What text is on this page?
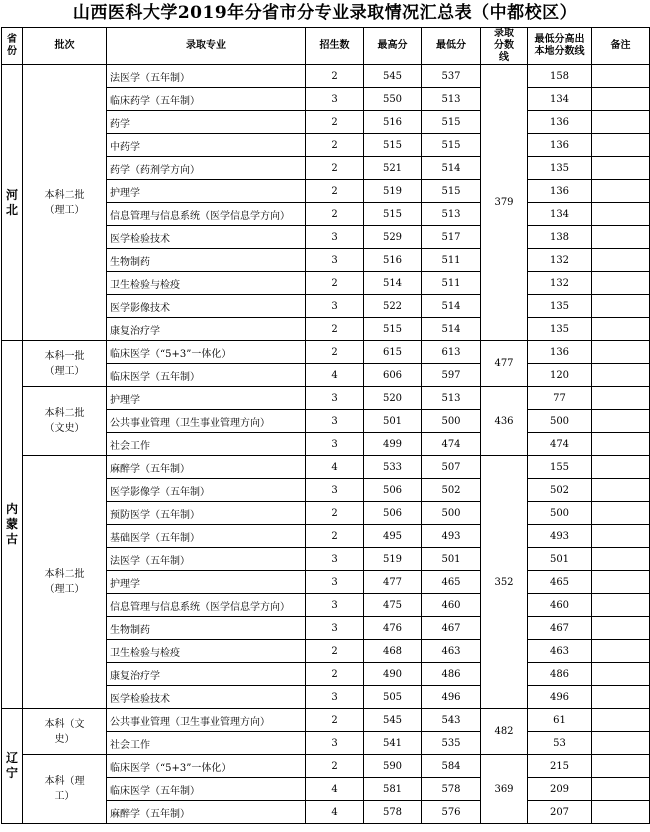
山西医科大学2019年分省市分专业录取情况汇总表（中都校区）
省份	批次	录取专业	招生数	最高分	最低分	录取分数线	最低分高出本地分数线	备注
河北	本科二批（理工）	法医学（五年制）	2	545	537	379	158	
		临床药学（五年制）	3	550	513		134	
		药学	2	516	515		136	
		中药学	2	515	515		136	
		药学（药剂学方向）	2	521	514		135	
		护理学	2	519	515		136	
		信息管理与信息系统（医学信息学方向）	2	515	513		134	
		医学检验技术	3	529	517		138	
		生物制药	3	516	511		132	
		卫生检验与检疫	2	514	511		132	
		医学影像技术	3	522	514		135	
		康复治疗学	2	515	514		135	
内蒙古	本科一批（理工）	临床医学（“5+3”一体化）	2	615	613	477	136	
		临床医学（五年制）	4	606	597		120	

	本科二批（文史）	护理学	3	520	513	436	77	
		公共事业管理（卫生事业管理方向）	3	501	500		500	
		社会工作	3	499	474		474	

	本科二批（理工）	麻醉学（五年制）	4	533	507	352	155	
		医学影像学（五年制）	3	506	502		502	
		预防医学（五年制）	2	506	500		500	
		基础医学（五年制）	2	495	493		493	
		法医学（五年制）	3	519	501		501	
		护理学	3	477	465		465	
		信息管理与信息系统（医学信息学方向）	3	475	460		460	
		生物制药	3	476	467		467	
		卫生检验与检疫	2	468	463		463	
		康复治疗学	2	490	486		486	
		医学检验技术	3	505	496		496	
辽宁	本科（文史）	公共事业管理（卫生事业管理方向）	2	545	543	482	61	
		社会工作	3	541	535		53	

	本科（理工）	临床医学（“5+3”一体化）	2	590	584	369	215	
		临床医学（五年制）	4	581	578		209	
		麻醉学（五年制）	4	578	576		207	
